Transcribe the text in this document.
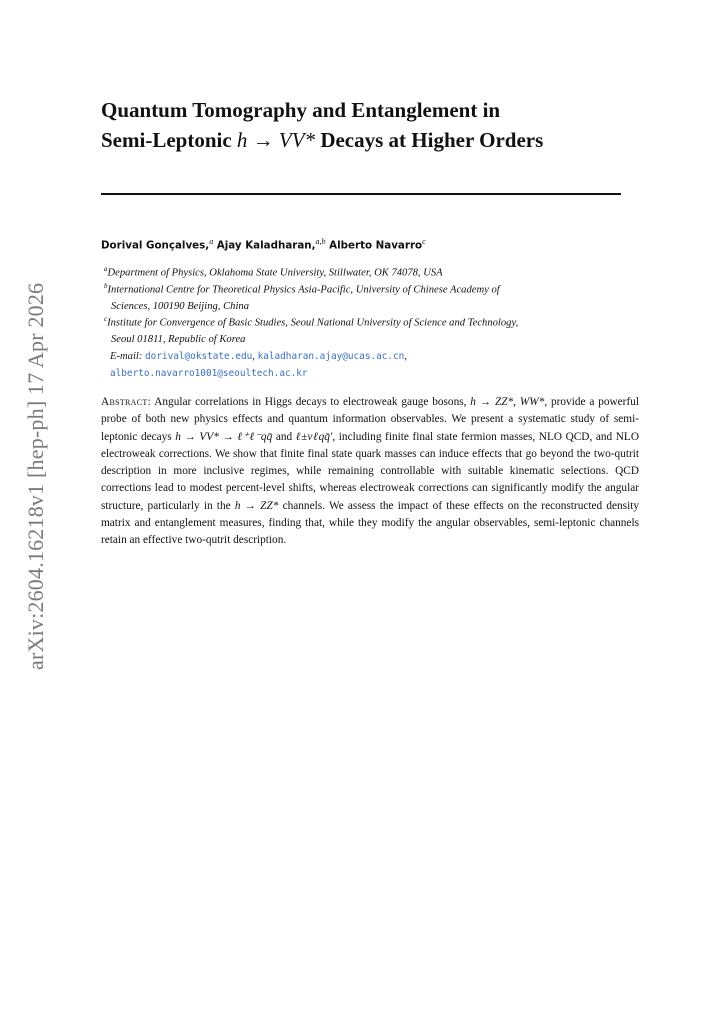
arXiv:2604.16218v1 [hep-ph] 17 Apr 2026
Quantum Tomography and Entanglement in
Semi-Leptonic h → VV* Decays at Higher Orders
Dorival Gonçalves,$^a$ Ajay Kaladharan,$^{a,b}$ Alberto Navarro$^c$
$^a$Department of Physics, Oklahoma State University, Stillwater, OK 74078, USA
$^b$International Centre for Theoretical Physics Asia-Pacific, University of Chinese Academy of
Sciences, 100190 Beijing, China
$^c$Institute for Convergence of Basic Studies, Seoul National University of Science and Technology,
Seoul 01811, Republic of Korea
E-mail: dorival@okstate.edu, kaladharan.ajay@ucas.ac.cn,
alberto.navarro1001@seoultech.ac.kr
Abstract: Angular correlations in Higgs decays to electroweak gauge bosons, h → ZZ*, WW*, provide a powerful probe of both new physics effects and quantum information observables. We present a systematic study of semi-leptonic decays h → VV* → ℓ⁺ℓ⁻qq̄ and ℓ±νℓqq̄′, including finite final state fermion masses, NLO QCD, and NLO electroweak corrections. We show that finite final state quark masses can induce effects that go beyond the two-qutrit description in more inclusive regimes, while remaining controllable with suitable kinematic selections. QCD corrections lead to modest percent-level shifts, whereas electroweak corrections can significantly modify the angular structure, particularly in the h → ZZ* channels. We assess the impact of these effects on the reconstructed density matrix and entanglement measures, finding that, while they modify the angular observables, semi-leptonic channels retain an effective two-qutrit description.
